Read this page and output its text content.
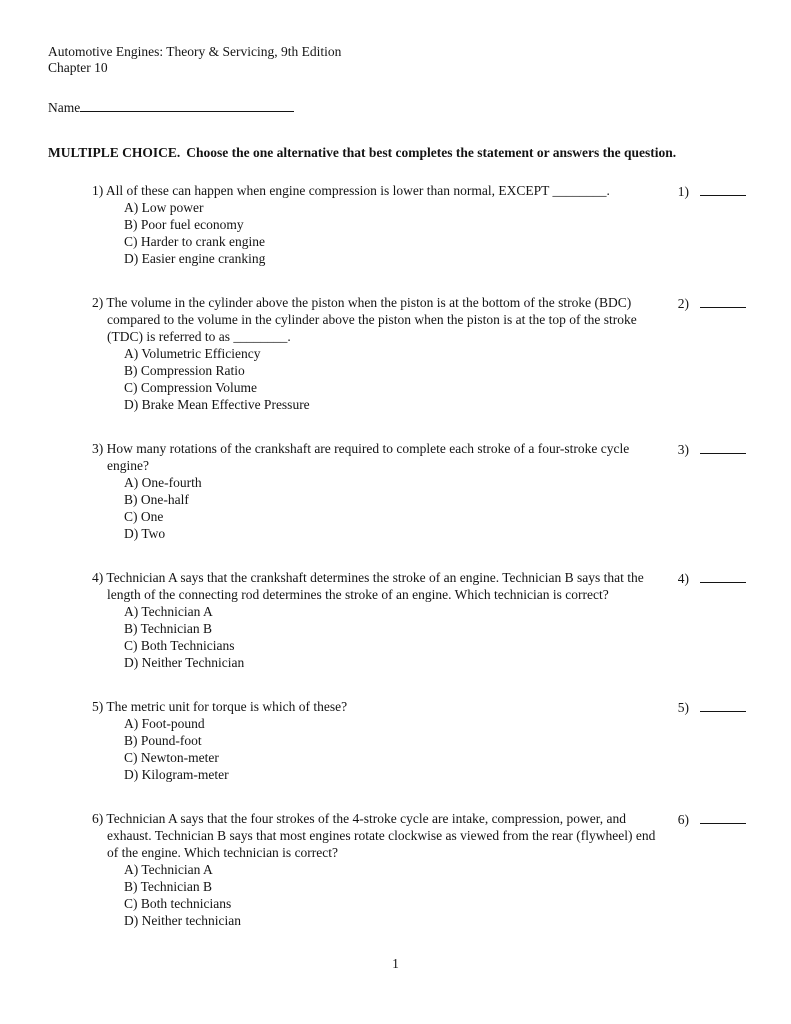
Automotive Engines: Theory & Servicing, 9th Edition
Chapter 10
Name
MULTIPLE CHOICE. Choose the one alternative that best completes the statement or answers the question.
1) All of these can happen when engine compression is lower than normal, EXCEPT ________.
A) Low power
B) Poor fuel economy
C) Harder to crank engine
D) Easier engine cranking
1)
2) The volume in the cylinder above the piston when the piston is at the bottom of the stroke (BDC) compared to the volume in the cylinder above the piston when the piston is at the top of the stroke (TDC) is referred to as ________.
A) Volumetric Efficiency
B) Compression Ratio
C) Compression Volume
D) Brake Mean Effective Pressure
2)
3) How many rotations of the crankshaft are required to complete each stroke of a four-stroke cycle engine?
A) One-fourth
B) One-half
C) One
D) Two
3)
4) Technician A says that the crankshaft determines the stroke of an engine. Technician B says that the length of the connecting rod determines the stroke of an engine. Which technician is correct?
A) Technician A
B) Technician B
C) Both Technicians
D) Neither Technician
4)
5) The metric unit for torque is which of these?
A) Foot-pound
B) Pound-foot
C) Newton-meter
D) Kilogram-meter
5)
6) Technician A says that the four strokes of the 4-stroke cycle are intake, compression, power, and exhaust. Technician B says that most engines rotate clockwise as viewed from the rear (flywheel) end of the engine. Which technician is correct?
A) Technician A
B) Technician B
C) Both technicians
D) Neither technician
6)
1
